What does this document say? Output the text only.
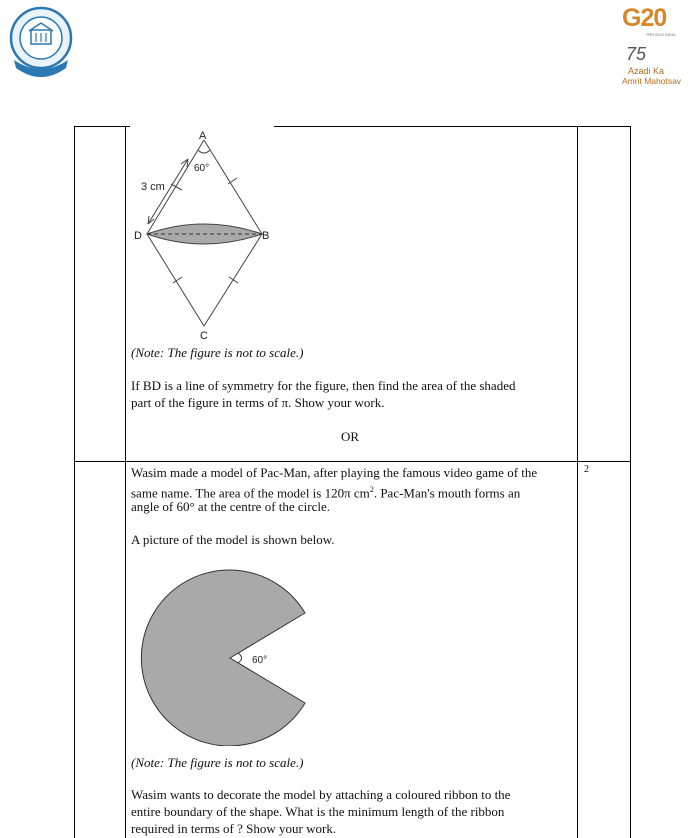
G20
भारत 2023 INDIA
75
Azadi Ka
Amrit Mahotsav
A
B
C
D
60°
3 cm
(Note: The figure is not to scale.)
If BD is a line of symmetry for the figure, then find the area of the shaded
part of the figure in terms of π. Show your work.
OR
2
Wasim made a model of Pac-Man, after playing the famous video game of the
same name. The area of the model is 120π $cm^2$. Pac-Man's mouth forms an
angle of 60° at the centre of the circle.
A picture of the model is shown below.
60°
(Note: The figure is not to scale.)
Wasim wants to decorate the model by attaching a coloured ribbon to the
entire boundary of the shape. What is the minimum length of the ribbon
required in terms of ? Show your work.
